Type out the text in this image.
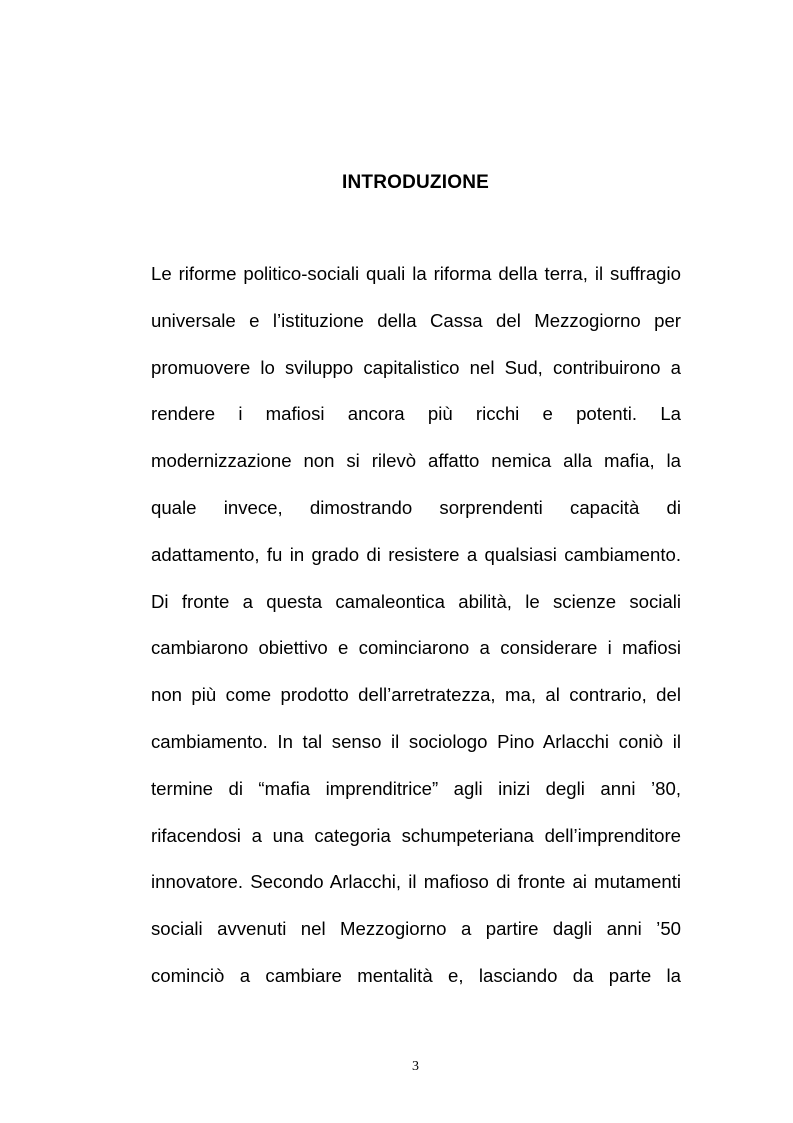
INTRODUZIONE
Le riforme politico-sociali quali la riforma della terra, il suffragio
universale e l’istituzione della Cassa del Mezzogiorno per
promuovere lo sviluppo capitalistico nel Sud, contribuirono a
rendere i mafiosi ancora più ricchi e potenti. La
modernizzazione non si rilevò affatto nemica alla mafia, la
quale invece, dimostrando sorprendenti capacità di
adattamento, fu in grado di resistere a qualsiasi cambiamento.
Di fronte a questa camaleontica abilità, le scienze sociali
cambiarono obiettivo e cominciarono a considerare i mafiosi
non più come prodotto dell’arretratezza, ma, al contrario, del
cambiamento. In tal senso il sociologo Pino Arlacchi coniò il
termine di “mafia imprenditrice” agli inizi degli anni ’80,
rifacendosi a una categoria schumpeteriana dell’imprenditore
innovatore. Secondo Arlacchi, il mafioso di fronte ai mutamenti
sociali avvenuti nel Mezzogiorno a partire dagli anni ’50
cominciò a cambiare mentalità e, lasciando da parte la
3
